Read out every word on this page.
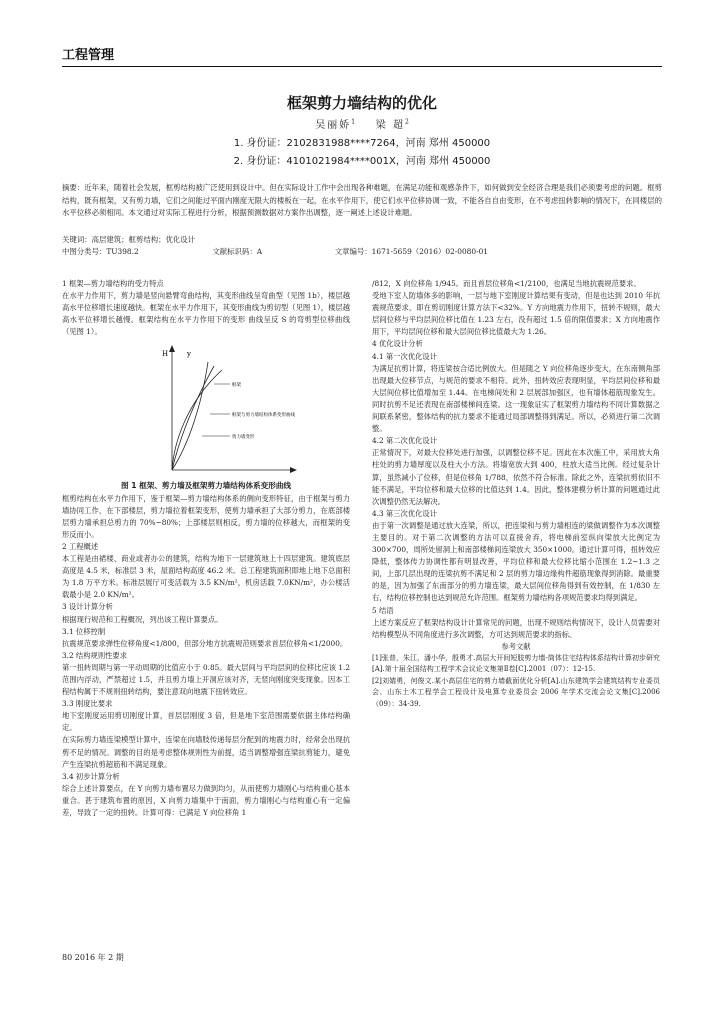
工程管理
框架剪力墙结构的优化
吴丽娇$^1$ 梁 超$^2$
1. 身份证：2102831988****7264，河南 郑州 450000
2. 身份证：4101021984****001X，河南 郑州 450000
摘要：近年来，随着社会发展，框剪结构被广泛使用到设计中。但在实际设计工作中会出现各种难题，在满足功能和观感条件下，如何做到安全经济合理是我们必须要考虑的问题。框剪结构，既有框架，又有剪力墙，它们之间能过平面内刚度无限大的楼板在一起，在水平作用下，使它们水平位移协调一致，不能各自自由变形，在不考虑扭转影响的情况下，在同楼层的水平位移必须相同。本文通过对实际工程进行分析，根据预测数据对方案作出调整，逐一阐述上述设计难题。
关键词：高层建筑；框剪结构；优化设计
中图分类号：TU398.2	文献标识码：A	文章编号：1671-5659（2016）02-0080-01

1 框架—剪力墙结构的受力特点

在水平力作用下，剪力墙是竖向悬臂弯曲结构，其变形曲线呈弯曲型（见图 1b），楼层越高水平位移增长速度越快。框架在水平力作用下，其变形曲线为剪切型（见图 1），楼层越高水平位移增长越慢。框架结构在水平力作用下的变形 曲线呈反 S 的弯剪型位移曲线 （见图 1）。

H	y
框架
框架与剪力墙结构体系变形曲线
剪力墙变形

图 1 框架、剪力墙及框架剪力墙结构体系变形曲线

框剪结构在水平力作用下，鉴于框架—剪力墙结构体系的侧向变形特征，由于框架与剪力墙协同工作，在下部楼层，剪力墙拉着框架变形，使剪力墙承担了大部分剪力，在底部楼层剪力墙承担总剪力的 70%~80%；上部楼层则相反，剪力墙的位移越大，而框架的变形反而小。

2 工程概述

本工程是由裙楼、商业或者办公的建筑，结构为地下一层建筑地上十四层建筑。建筑底层高度是 4.5 米，标准层 3 米，屋面结构高度 46.2 米。总工程建筑面积即地上地下总面积为 1.8 万平方米。标准层展厅可变活载为 3.5 KN/m²，机房活载 7.0KN/m²，办公楼活载最小是 2.0 KN/m²。

3 设计计算分析

根据现行规范和工程概况，列出该工程计算要点。

3.1 位移控制

抗震规范要求弹性位移角度<1/800，但部分地方抗震规范则要求首层位移角<1/2000。

3.2 结构规则性要求

第一扭转周期与第一平动周期的比值应小于 0.85。最大层间与平均层间的位移比应该 1.2 范围内浮动，严禁超过 1.5，并且剪力墙上开洞应该对齐，无竖向刚度突变现象。因本工程结构属于不规则扭转结构，要注意双向地震下扭转效应。

3.3 刚度比要求

地下室刚度运用剪切刚度计算，首层层刚度 3 倍，但是地下室范围需要依据主体结构确定。

在实际剪力墙连梁模型计算中，连梁在向墙肢传递每层分配到的地震力时，经常会出现抗剪不足的情况。调整的目的是考虑整体规则性为前提，适当调整增强连梁抗剪能力，避免产生连梁抗剪超筋和不满足现象。

3.4 初步计算分析

综合上述计算要点，在 Y 向剪力墙布置尽力做到均匀，从而使剪力墙刚心与结构重心基本重合。甚于建筑布置的原因，X 向剪力墙集中于南面，剪力墙刚心与结构重心有一定偏差，导致了一定的扭转。计算可得：已满足 Y 向位移角 1

/812，X 向位移角 1/945。而且首层位移角<1/2100，也满足当地抗震规范要求。

受地下室人防墙体多的影响，一层与地下室刚度计算结果有变动，但是也达到 2010 年抗震规范要求，即在剪切刚度计算方法下<32%。Y 方向地震力作用下，扭转不规则，最大层间位移与平均层间位移比值在 1.23 左右，没有超过 1.5 倍的限值要求；X 方向地震作用下，平均层间位移和最大层间位移比值最大为 1.26。

4 优化设计分析

4.1 第一次优化设计

为满足抗剪计算，将连梁按合适比例放大。但是随之 Y 向位移角逐步变大，在东南侧角部出现最大位移节点，与规范的要求不相符。此外，扭转效应表现明显，平均层间位移和最大层间位移比值增加至 1.44。在电梯间处和 2 层展部加强区，也有墙体超筋现象发生。同时抗剪不足还表现在南部楼梯间连梁。这一现象证实了框架剪力墙结构不同计算数据之间联系紧密，整体结构的抗力要求不能通过局部调整得到满足。所以，必须进行第二次调整。

4.2 第二次优化设计

正常情况下，对最大位移处进行加强，以调整位移不足。因此在本次施工中，采用放大角柱处的剪力墙厚度以及柱大小方法。将墙宽放大到 400，柱放大适当比例。经过复杂计算，虽然减小了位移，但是位移角 1/788，依然不符合标准。除此之外，连梁抗剪依旧不能不满足，平均位移和最大位移的比值达到 1.4。因此，整体建模分析计算的问题通过此次调整仍然无法解决。

4.3 第三次优化设计

由于第一次调整是通过放大连梁，所以，把连梁和与剪力墙相连的梁做调整作为本次调整主要目的。对于第二次调整的方法可以直接舍弃，将电梯前室纵向梁放大比例定为 300×700，周所处留洞上和南部楼梯间连梁放大 350×1000。通过计算可得，扭转效应降低，整体传力协调性都有明显改善，平均位移和最大位移比缩小范围在 1.2~1.3 之间，上部几层出现的连梁抗剪不满足和 2 层的剪力墙边缘构件超筋现象得到消除。最重要的是，因为加强了东南部分的剪力墙连梁，最大层间位移角得到有效控制，在 1/830 左右，结构位移控制也达到规范允许范围。框架剪力墙结构各项规范要求均得到满足。

5 结语

上述方案反应了框架结构设计计算常见的问题，出现不规则结构情况下，设计人员需要对结构模型从不同角度进行多次调整，方可达到规范要求的指标。

参考文献

[1]张普，朱江，潘小华，殷勇才.高层大开间短肢剪力墙-筒体住宅结构体系结构计算初步研究[A].第十届全国结构工程学术会议论文集第Ⅱ卷[C].2001（07）：12-15.

[2]刘婧勇，何俊文.某小高层住宅的剪力墙截面优化分析[A].山东建筑学会建筑结构专业委员会、山东土木工程学会工程设计及电算专业委员会 2006 年学术交流会论文集[C].2006（09）：34-39.

80 2016 年 2 期
